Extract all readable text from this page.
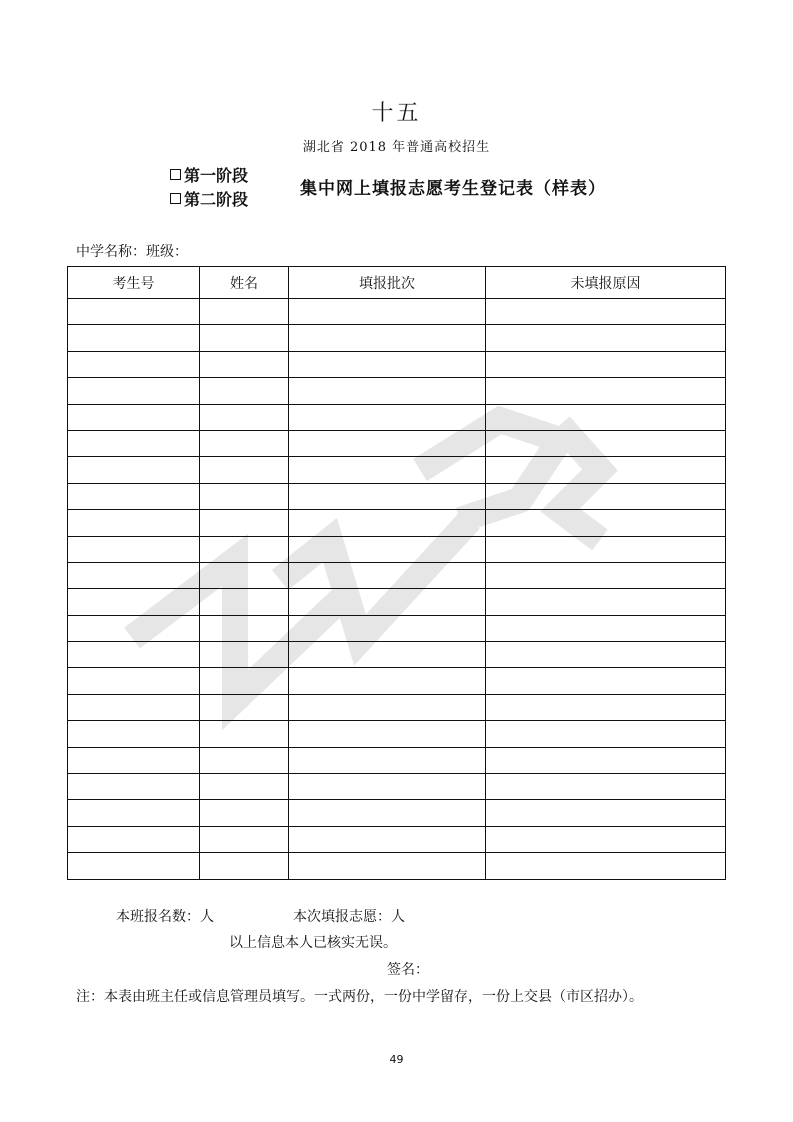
十五
湖北省 2018 年普通高校招生
第一阶段
第二阶段
集中网上填报志愿考生登记表（样表）
中学名称：班级：
考生号	姓名	填报批次	未填报原因

本班报名数：人	本次填报志愿：人
以上信息本人已核实无误。
签名：
注：本表由班主任或信息管理员填写。一式两份，一份中学留存，一份上交县（市区招办）。
49
